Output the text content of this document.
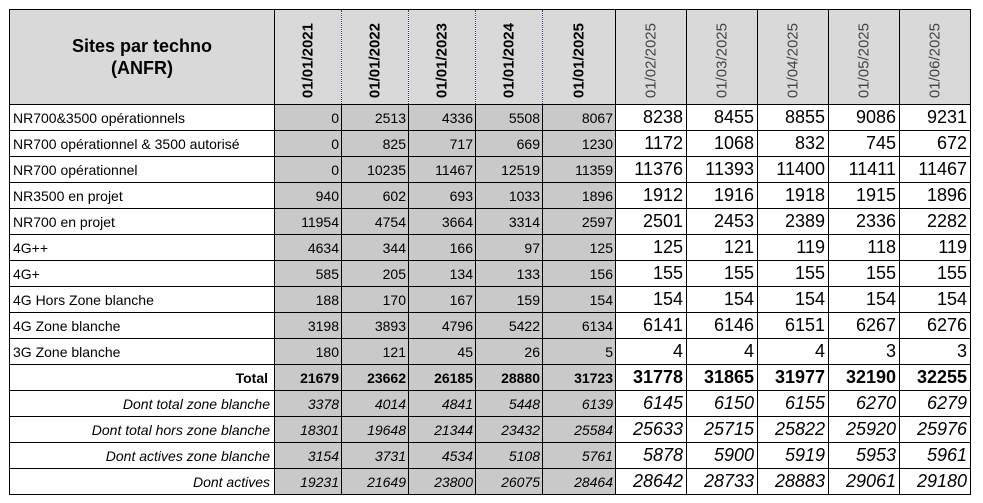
Sites par techno
(ANFR)	01/01/2021	01/01/2022	01/01/2023	01/01/2024	01/01/2025	01/02/2025	01/03/2025	01/04/2025	01/05/2025	01/06/2025

NR700&3500 opérationnels	0	2513	4336	5508	8067	8238	8455	8855	9086	9231
NR700 opérationnel & 3500 autorisé	0	825	717	669	1230	1172	1068	832	745	672
NR700 opérationnel	0	10235	11467	12519	11359	11376	11393	11400	11411	11467
NR3500 en projet	940	602	693	1033	1896	1912	1916	1918	1915	1896
NR700 en projet	11954	4754	3664	3314	2597	2501	2453	2389	2336	2282
4G++	4634	344	166	97	125	125	121	119	118	119
4G+	585	205	134	133	156	155	155	155	155	155
4G Hors Zone blanche	188	170	167	159	154	154	154	154	154	154
4G Zone blanche	3198	3893	4796	5422	6134	6141	6146	6151	6267	6276
3G Zone blanche	180	121	45	26	5	4	4	4	3	3
Total	21679	23662	26185	28880	31723	31778	31865	31977	32190	32255
Dont total zone blanche	3378	4014	4841	5448	6139	6145	6150	6155	6270	6279
Dont total hors zone blanche	18301	19648	21344	23432	25584	25633	25715	25822	25920	25976
Dont actives zone blanche	3154	3731	4534	5108	5761	5878	5900	5919	5953	5961
Dont actives	19231	21649	23800	26075	28464	28642	28733	28883	29061	29180
